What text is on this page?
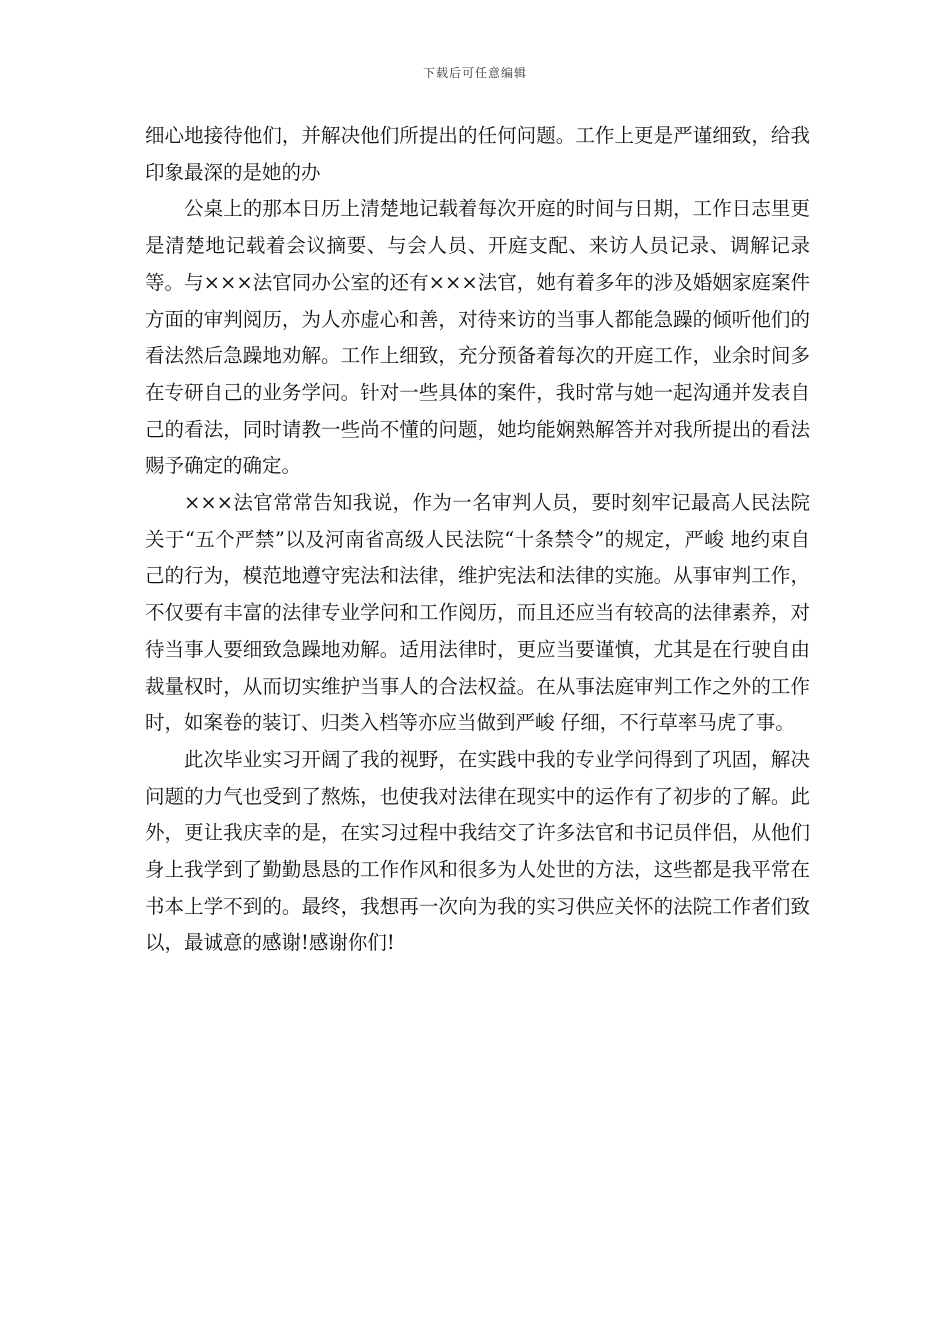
下载后可任意编辑

细心地接待他们，并解决他们所提出的任何问题。工作上更是严谨细致，给我印象最深的是她的办

公桌上的那本日历上清楚地记载着每次开庭的时间与日期，工作日志里更是清楚地记载着会议摘要、与会人员、开庭支配、来访人员记录、调解记录等。与×××法官同办公室的还有×××法官，她有着多年的涉及婚姻家庭案件方面的审判阅历，为人亦虚心和善，对待来访的当事人都能急躁的倾听他们的看法然后急躁地劝解。工作上细致，充分预备着每次的开庭工作，业余时间多在专研自己的业务学问。针对一些具体的案件，我时常与她一起沟通并发表自己的看法，同时请教一些尚不懂的问题，她均能娴熟解答并对我所提出的看法赐予确定的确定。

×××法官常常告知我说，作为一名审判人员，要时刻牢记最高人民法院关于“五个严禁”以及河南省高级人民法院“十条禁令”的规定，严峻 地约束自己的行为，模范地遵守宪法和法律，维护宪法和法律的实施。从事审判工作，不仅要有丰富的法律专业学问和工作阅历，而且还应当有较高的法律素养，对待当事人要细致急躁地劝解。适用法律时，更应当要谨慎，尤其是在行驶自由裁量权时，从而切实维护当事人的合法权益。在从事法庭审判工作之外的工作时，如案卷的装订、归类入档等亦应当做到严峻 仔细，不行草率马虎了事。

此次毕业实习开阔了我的视野，在实践中我的专业学问得到了巩固，解决问题的力气也受到了熬炼，也使我对法律在现实中的运作有了初步的了解。此外，更让我庆幸的是，在实习过程中我结交了许多法官和书记员伴侣，从他们身上我学到了勤勤恳恳的工作作风和很多为人处世的方法，这些都是我平常在书本上学不到的。最终，我想再一次向为我的实习供应关怀的法院工作者们致以，最诚意的感谢!感谢你们!
